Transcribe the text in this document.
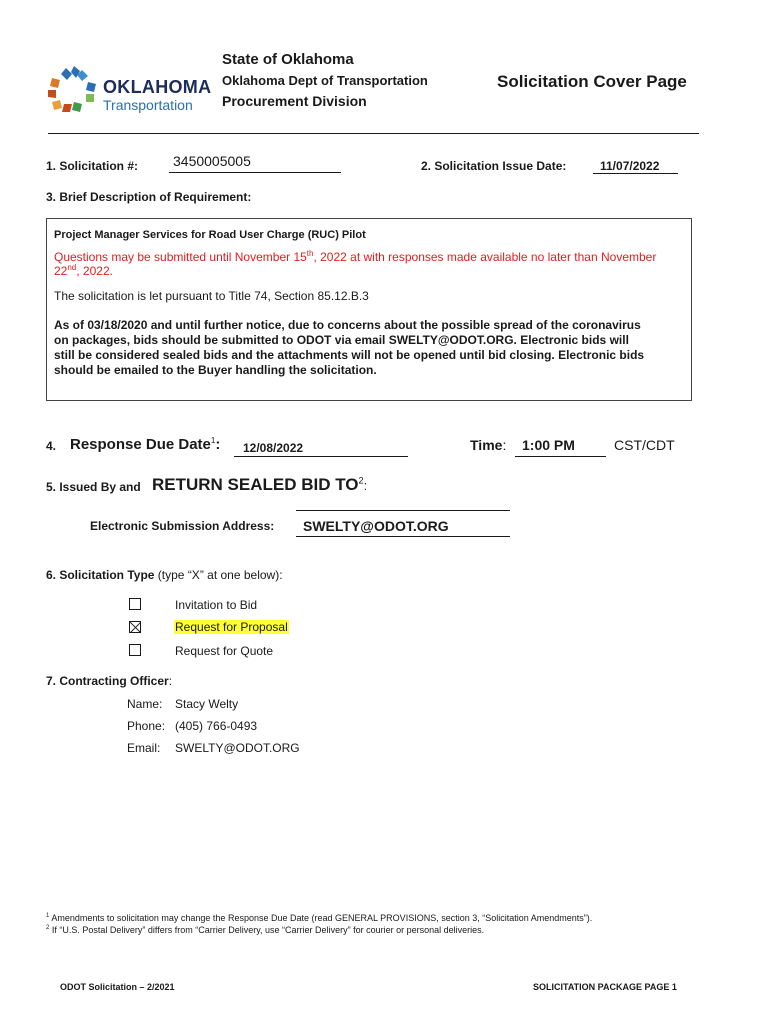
OKLAHOMA
Transportation
State of Oklahoma
Oklahoma Dept of Transportation
Procurement Division
Solicitation Cover Page
1. Solicitation #: 3450005005	2. Solicitation Issue Date:	11/07/2022
3. Brief Description of Requirement:
Project Manager Services for Road User Charge (RUC) Pilot
Questions may be submitted until November 15th, 2022 at with responses made available no later than November
22nd, 2022.
The solicitation is let pursuant to Title 74, Section 85.12.B.3
As of 03/18/2020 and until further notice, due to concerns about the possible spread of the coronavirus
on packages, bids should be submitted to ODOT via email SWELTY@ODOT.ORG. Electronic bids will
still be considered sealed bids and the attachments will not be opened until bid closing. Electronic bids
should be emailed to the Buyer handling the solicitation.
4. Response Due Date$^1$: 12/08/2022	Time: 1:00 PM	CST/CDT
5. Issued By and RETURN SEALED BID $TO^2$:
Electronic Submission Address: SWELTY@ODOT.ORG
6. Solicitation Type (type “X” at one below):
Invitation to Bid
Request for Proposal
Request for Quote
7. Contracting Officer:
Name: Stacy Welty
Phone: (405) 766-0493
Email: SWELTY@ODOT.ORG
$^1$ Amendments to solicitation may change the Response Due Date (read GENERAL PROVISIONS, section 3, “Solicitation Amendments”).
$^2$ If “U.S. Postal Delivery” differs from “Carrier Delivery, use “Carrier Delivery” for courier or personal deliveries.
ODOT Solicitation – 2/2021	SOLICITATION PACKAGE PAGE 1
